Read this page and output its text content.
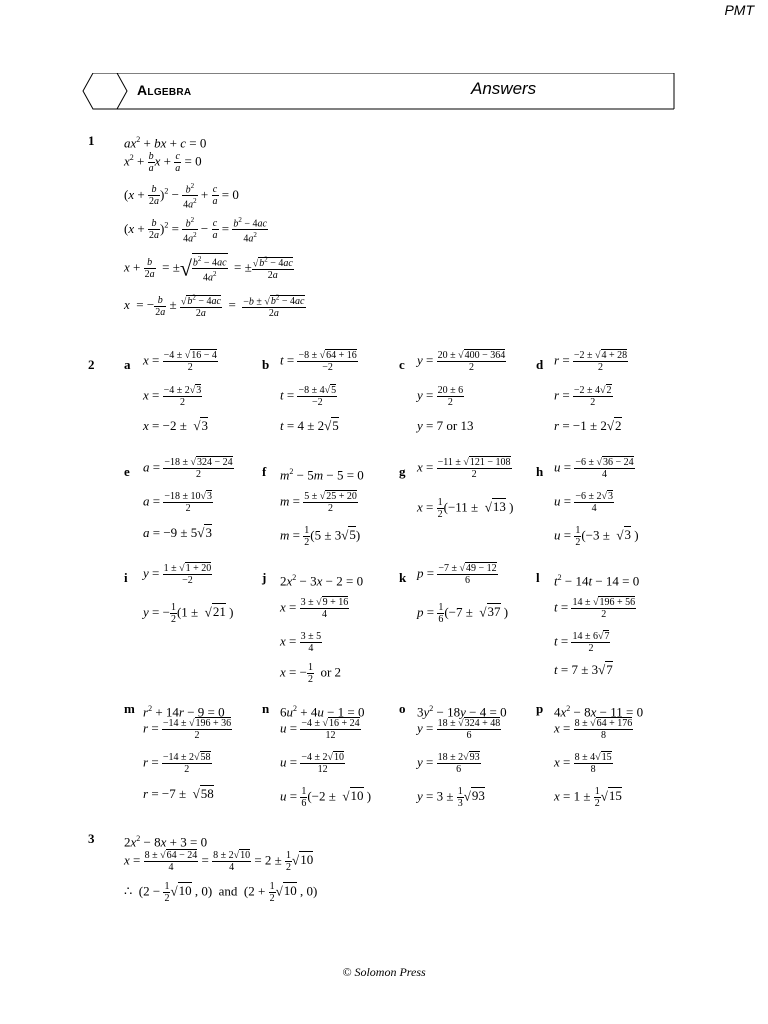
PMT
Algebra	Answers
1 $ax^2$ + bx + c = 0
$x^2 + \frac{b}{a}$ $x + \frac{c}{a} = 0$
$(x + \frac{b}{2a} )^2 - \frac{b^2}{4a^2} + \frac{c}{a} = 0$
$(x + \frac{b}{2a} )^2 = \frac{b^2}{4a^2} - \frac{c}{a} = \frac{b^2 - 4ac}{4a^2}$
$x + \frac{b}{2a}$ = ±√ $\frac{b^2 - 4ac}{4a^2}$ = ± $\frac{√b^2 - 4ac}{2a}$
x  = − $\frac{b}{2a} \pm \frac{√b^2 - 4ac}{2a} = \frac{-b \pm √b^2 - 4ac}{2a}$
2 a $x = \frac{-4 \pm √16 - 4}{2}$
$x = \frac{-4 \pm 2√3}{2}$
x = −2 ±  √3
b $t = \frac{-8 \pm √64 + 16}{-2}$
$t = \frac{-8 \pm 4√5}{-2}$
t = 4 ± 2√5
c $y = \frac{20 \pm √400 - 364}{2}$
$y = \frac{20 \pm 6}{2}$
y = 7 or 13
d $r = \frac{-2 \pm √4 + 28}{2}$
$r = \frac{-2 \pm 4√2}{2}$
r = −1 ± 2√2
e $a = \frac{-18 \pm √324 - 24}{2}$
$a = \frac{-18 \pm 10√3}{2}$
a = −9 ± 5√3
f $m^2 - 5m - 5 = 0$
$m = \frac{5 \pm √25 + 20}{2}$
$m = \frac{1}{2} (5 \pm 3√5)$
g $x = \frac{-11 \pm √121 - 108}{2}$
$x = \frac{1}{2} (-11 \pm √13$ )
h $u = \frac{-6 \pm √36 - 24}{4}$
$u = \frac{-6 \pm 2√3}{4}$
$u = \frac{1}{2} (-3 \pm √3$ )
i $y = \frac{1 \pm √1 + 20}{-2}$
y = − $\frac{1}{2} (1 \pm √21$ )
j $2x^2 - 3x - 2 = 0$
$x = \frac{3 \pm √9 + 16}{4}$
$x = \frac{3 \pm 5}{4}$
x = − $\frac{1}{2}$ or 2
k $p = \frac{-7 \pm √49 - 12}{6}$
$p = \frac{1}{6} (-7 \pm √37$ )
l $t^2 - 14t - 14 = 0$
$t = \frac{14 \pm √196 + 56}{2}$
$t = \frac{14 \pm 6√7}{2}$
t = 7 ± 3√7
m $r^2 + 14r - 9 = 0$
$r = \frac{-14 \pm √196 + 36}{2}$
$r = \frac{-14 \pm 2√58}{2}$
r = −7 ±  √58
n $6u^2 + 4u - 1 = 0$
$u = \frac{-4 \pm √16 + 24}{12}$
$u = \frac{-4 \pm 2√10}{12}$
$u = \frac{1}{6} (-2 \pm √10$ )
o $3y^2 - 18y - 4 = 0$
$y = \frac{18 \pm √324 + 48}{6}$
$y = \frac{18 \pm 2√93}{6}$
$y = 3 \pm \frac{1}{3} √93$
p $4x^2 - 8x - 11 = 0$
$x = \frac{8 \pm √64 + 176}{8}$
$x = \frac{8 \pm 4√15}{8}$
$x = 1 \pm \frac{1}{2} √15$
3 $2x^2 - 8x + 3 = 0$
$x = \frac{8 \pm √64 - 24}{4} = \frac{8 \pm 2√10}{4} = 2 \pm \frac{1}{2} √10$
∴  ($2 - \frac{1}{2} √10$ , 0)  and  ($2 + \frac{1}{2} √10$ , 0)
© Solomon Press
